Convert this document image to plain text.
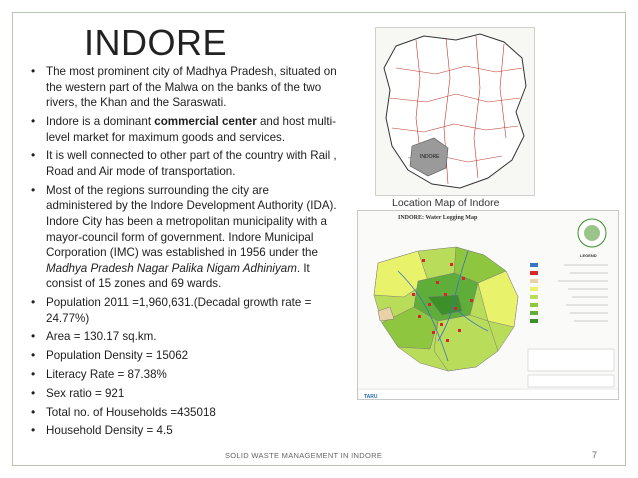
INDORE
• The most prominent city of Madhya Pradesh, situated on the western part of the Malwa on the banks of the two rivers, the Khan and the Saraswati.
• Indore is a dominant commercial center and host multi-level market for maximum goods and services.
• It is well connected to other part of the country with Rail , Road and Air mode of transportation.
• Most of the regions surrounding the city are administered by the Indore Development Authority (IDA). Indore City has been a metropolitan municipality with a mayor-council form of government. Indore Municipal Corporation (IMC) was established in 1956 under the Madhya Pradesh Nagar Palika Nigam Adhiniyam. It consist of 15 zones and 69 wards.
• Population 2011 =1,960,631.(Decadal growth rate = 24.77%)
• Area = 130.17 sq.km.
• Population Density = 15062
• Literacy Rate = 87.38%
• Sex ratio = 921
• Total no. of Households =435018
• Household Density = 4.5
INDORE
Location Map of Indore
INDORE: Water Logging Map
LEGEND
TARU
SOLID WASTE MANAGEMENT IN INDORE	7
